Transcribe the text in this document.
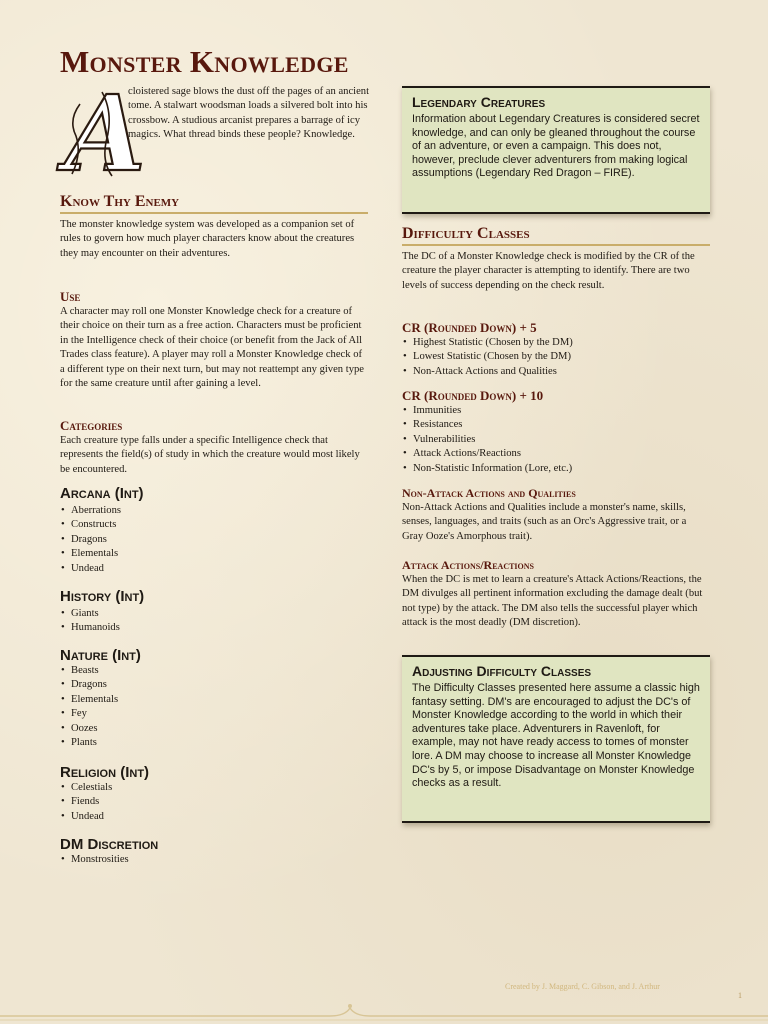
Monster Knowledge
A

cloistered sage blows the dust off the pages of an ancient tome. A stalwart woodsman loads a silvered bolt into his crossbow. A studious arcanist prepares a barrage of icy magics. What thread binds these people? Knowledge.

Know Thy Enemy

The monster knowledge system was developed as a companion set of rules to govern how much player characters know about the creatures they may encounter on their adventures.

Use

A character may roll one Monster Knowledge check for a creature of their choice on their turn as a free action. Characters must be proficient in the Intelligence check of their choice (or benefit from the Jack of All Trades class feature). A player may roll a Monster Knowledge check of a different type on their next turn, but may not reattempt any given type for the same creature until after gaining a level.

Categories

Each creature type falls under a specific Intelligence check that represents the field(s) of study in which the creature would most likely be encountered.

Arcana (Int)
• Aberrations
• Constructs
• Dragons
• Elementals
• Undead
History (Int)
• Giants
• Humanoids
Nature (Int)
• Beasts
• Dragons
• Elementals
• Fey
• Oozes
• Plants
Religion (Int)
• Celestials
• Fiends
• Undead
DM Discretion
• Monstrosities
Legendary Creatures

Information about Legendary Creatures is considered secret knowledge, and can only be gleaned throughout the course of an adventure, or even a campaign. This does not, however, preclude clever adventurers from making logical assumptions (Legendary Red Dragon – FIRE).

Difficulty Classes

The DC of a Monster Knowledge check is modified by the CR of the creature the player character is attempting to identify. There are two levels of success depending on the check result.

CR (Rounded Down) + 5
• Highest Statistic (Chosen by the DM)
• Lowest Statistic (Chosen by the DM)
• Non-Attack Actions and Qualities
CR (Rounded Down) + 10
• Immunities
• Resistances
• Vulnerabilities
• Attack Actions/Reactions
• Non-Statistic Information (Lore, etc.)
Non-Attack Actions and Qualities

Non-Attack Actions and Qualities include a monster's name, skills, senses, languages, and traits (such as an Orc's Aggressive trait, or a Gray Ooze's Amorphous trait).

Attack Actions/Reactions

When the DC is met to learn a creature's Attack Actions/Reactions, the DM divulges all pertinent information excluding the damage dealt (but not type) by the attack. The DM also tells the successful player which attack is the most deadly (DM discretion).

Adjusting Difficulty Classes

The Difficulty Classes presented here assume a classic high fantasy setting. DM's are encouraged to adjust the DC's of Monster Knowledge according to the world in which their adventures take place. Adventurers in Ravenloft, for example, may not have ready access to tomes of monster lore. A DM may choose to increase all Monster Knowledge DC's by 5, or impose Disadvantage on Monster Knowledge checks as a result.

Created by J. Maggard, C. Gibson, and J. Arthur
1
